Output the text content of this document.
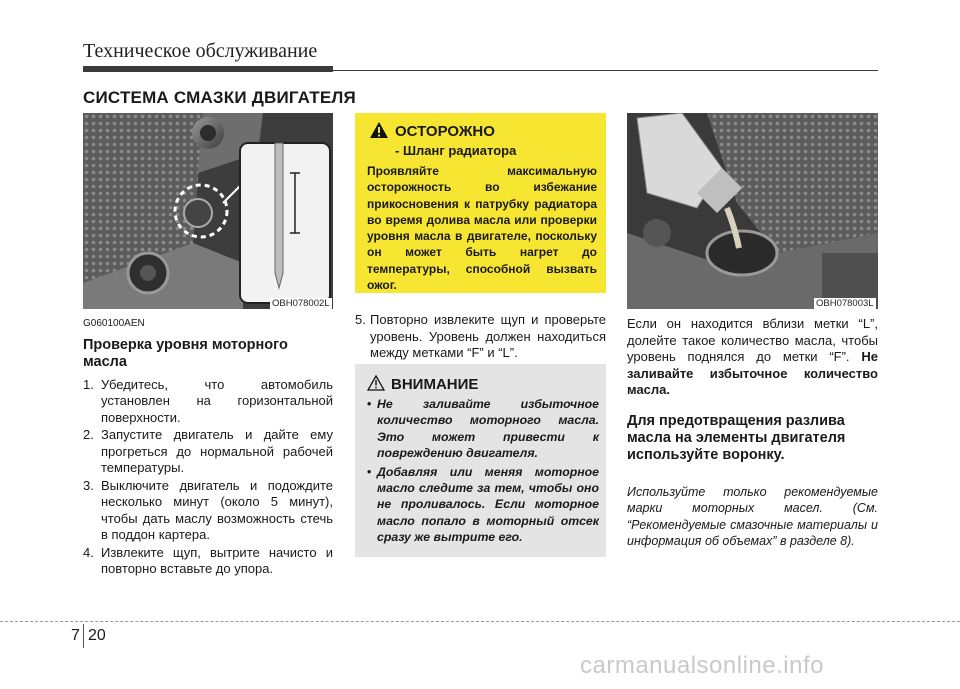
Техническое обслуживание
СИСТЕМА СМАЗКИ ДВИГАТЕЛЯ
OBH078002L
G060100AEN
Проверка уровня моторного масла
1. Убедитесь, что автомобиль установлен на горизонтальной поверхности.
2. Запустите двигатель и дайте ему прогреться до нормальной рабочей температуры.
3. Выключите двигатель и подождите несколько минут (около 5 минут), чтобы дать маслу возможность стечь в поддон картера.
4. Извлеките щуп, вытрите начисто и повторно вставьте до упора.
ОСТОРОЖНО
- Шланг радиатора
Проявляйте максимальную осторожность во избежание прикосновения к патрубку радиатора во время долива масла или проверки уровня масла в двигателе, поскольку он может быть нагрет до температуры, способной вызвать ожог.
5. Повторно извлеките щуп и проверьте уровень. Уровень должен находиться между метками “F” и “L”.
ВНИМАНИЕ
• Не заливайте избыточное количество моторного масла. Это может привести к повреждению двигателя.
• Добавляя или меняя моторное масло следите за тем, чтобы оно не проливалось. Если моторное масло попало в моторный отсек сразу же вытрите его.
OBH078003L

Если он находится вблизи метки “L”, долейте такое количество масла, чтобы уровень поднялся до метки “F”. Не заливайте избыточное количество масла.

Для предотвращения разлива масла на элементы двигателя используйте воронку.
Используйте только рекомендуемые марки моторных масел. (См. “Рекомендуемые смазочные материалы и информация об объемах” в разделе 8).
7 20
carmanualsonline.info
